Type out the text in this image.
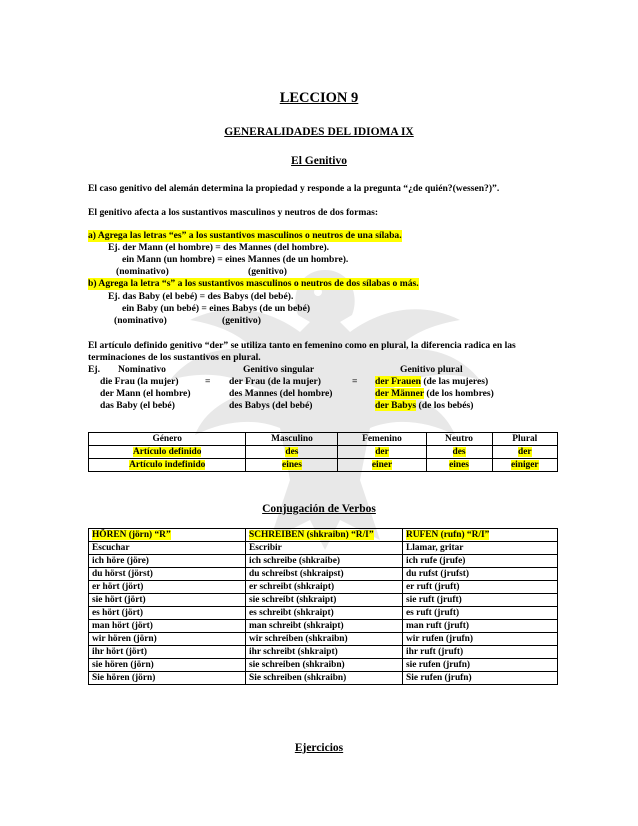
LECCION 9
GENERALIDADES DEL IDIOMA IX
El Genitivo
El caso genitivo del alemán determina la propiedad y responde a la pregunta “¿de quién?(wessen?)”.
El genitivo afecta a los sustantivos masculinos y neutros de dos formas:
a) Agrega las letras “es” a los sustantivos masculinos o neutros de una sílaba.
Ej. der Mann (el hombre) = des Mannes (del hombre).
ein Mann (un hombre) = eines Mannes (de un hombre).
(nominativo)	(genitivo)
b) Agrega la letra “s” a los sustantivos masculinos o neutros de dos sílabas o más.
Ej. das Baby (el bebé) = des Babys (del bebé).
ein Baby (un bebé) = eines Babys (de un bebé)
(nominativo)	(genitivo)
El artículo definido genitivo “der” se utiliza tanto en femenino como en plural, la diferencia radica en las
terminaciones de los sustantivos en plural.
Ej. Nominativo	Genitivo singular	Genitivo plural
die Frau (la mujer)	= der Frau (de la mujer)	= der Frauen (de las mujeres)
der Mann (el hombre)	des Mannes (del hombre)	der Männer (de los hombres)
das Baby (el bebé)	des Babys (del bebé)	der Babys (de los bebés)
Género	Masculino	Femenino	Neutro	Plural
Artículo definido	des	der	des	der
Artículo indefinido	eines	einer	eines	einiger
Conjugación de Verbos
HÖREN (jörn) “R”	SCHREIBEN (shkraibn) “R/I”	RUFEN (rufn) “R/I”
Escuchar	Escribir	Llamar, gritar
ich höre (jöre)	ich schreibe (shkraibe)	ich rufe (jrufe)
du hörst (jörst)	du schreibst (shkraipst)	du rufst (jrufst)
er hört (jört)	er schreibt (shkraipt)	er ruft (jruft)
sie hört (jört)	sie schreibt (shkraipt)	sie ruft (jruft)
es hört (jört)	es schreibt (shkraipt)	es ruft (jruft)
man hört (jört)	man schreibt (shkraipt)	man ruft (jruft)
wir hören (jörn)	wir schreiben (shkraibn)	wir rufen (jrufn)
ihr hört (jört)	ihr schreibt (shkraipt)	ihr ruft (jruft)
sie hören (jörn)	sie schreiben (shkraibn)	sie rufen (jrufn)
Sie hören (jörn)	Sie schreiben (shkraibn)	Sie rufen (jrufn)
Ejercicios
